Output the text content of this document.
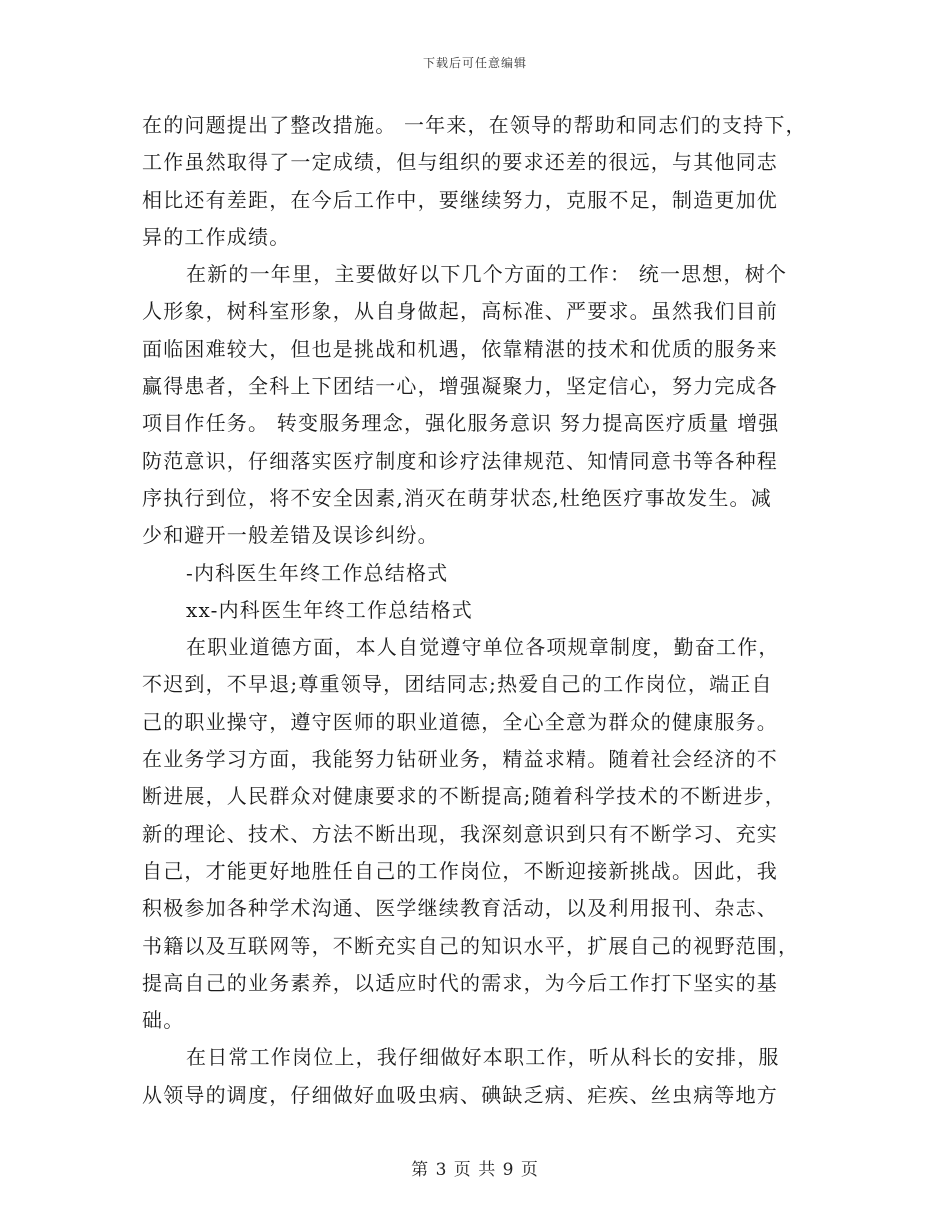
下载后可任意编辑
在的问题提出了整改措施。 一年来，在领导的帮助和同志们的支持下，
工作虽然取得了一定成绩，但与组织的要求还差的很远，与其他同志
相比还有差距，在今后工作中，要继续努力，克服不足，制造更加优
异的工作成绩。
在新的一年里，主要做好以下几个方面的工作： 统一思想，树个
人形象，树科室形象，从自身做起，高标准、严要求。虽然我们目前
面临困难较大，但也是挑战和机遇，依靠精湛的技术和优质的服务来
赢得患者，全科上下团结一心，增强凝聚力，坚定信心，努力完成各
项目作任务。 转变服务理念，强化服务意识 努力提高医疗质量 增强
防范意识，仔细落实医疗制度和诊疗法律规范、知情同意书等各种程
序执行到位，将不安全因素,消灭在萌芽状态,杜绝医疗事故发生。减
少和避开一般差错及误诊纠纷。
-内科医生年终工作总结格式
xx-内科医生年终工作总结格式
在职业道德方面，本人自觉遵守单位各项规章制度，勤奋工作，
不迟到，不早退;尊重领导，团结同志;热爱自己的工作岗位，端正自
己的职业操守，遵守医师的职业道德，全心全意为群众的健康服务。
在业务学习方面，我能努力钻研业务，精益求精。随着社会经济的不
断进展，人民群众对健康要求的不断提高;随着科学技术的不断进步，
新的理论、技术、方法不断出现，我深刻意识到只有不断学习、充实
自己，才能更好地胜任自己的工作岗位，不断迎接新挑战。因此，我
积极参加各种学术沟通、医学继续教育活动，以及利用报刊、杂志、
书籍以及互联网等，不断充实自己的知识水平，扩展自己的视野范围，
提高自己的业务素养，以适应时代的需求，为今后工作打下坚实的基
础。
在日常工作岗位上，我仔细做好本职工作，听从科长的安排，服
从领导的调度，仔细做好血吸虫病、碘缺乏病、疟疾、丝虫病等地方
第 3 页 共 9 页
